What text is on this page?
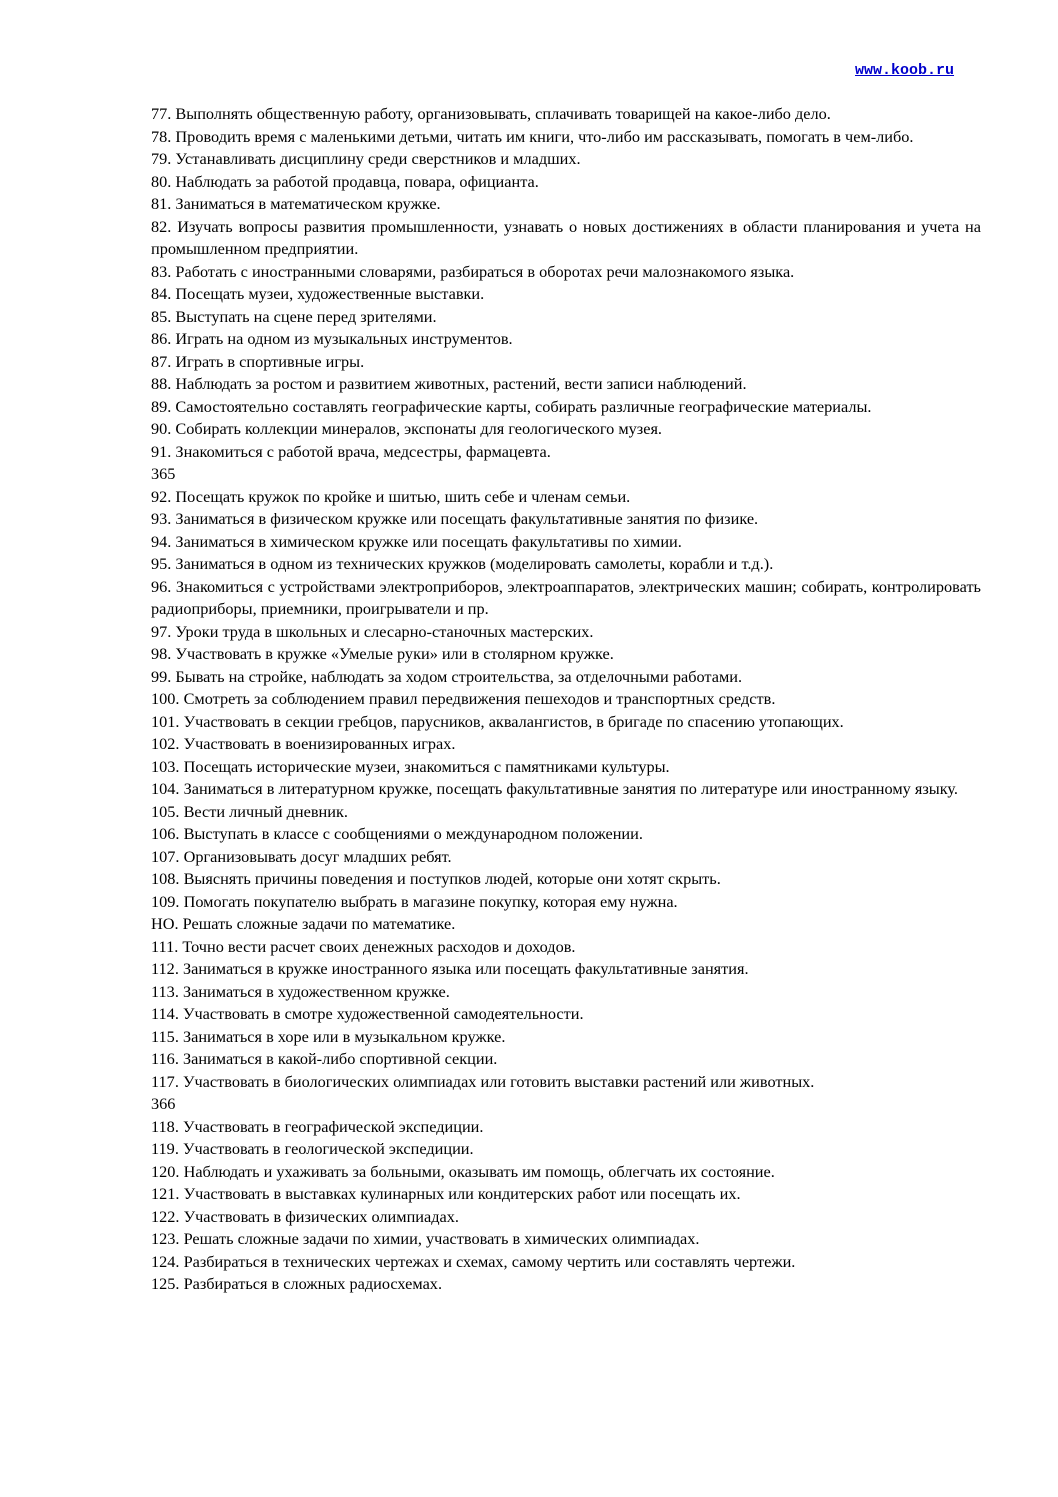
www.koob.ru

77. Выполнять общественную работу, организовывать, сплачивать товарищей на какое-либо дело.

78. Проводить время с маленькими детьми, читать им книги, что-либо им рассказывать, помогать в чем-либо.

79. Устанавливать дисциплину среди сверстников и младших.

80. Наблюдать за работой продавца, повара, официанта.

81. Заниматься в математическом кружке.

82. Изучать вопросы развития промышленности, узнавать о новых достижениях в области планирования и учета на промышленном предприятии.

83. Работать с иностранными словарями, разбираться в оборотах речи малознакомого языка.

84. Посещать музеи, художественные выставки.

85. Выступать на сцене перед зрителями.

86. Играть на одном из музыкальных инструментов.

87. Играть в спортивные игры.

88. Наблюдать за ростом и развитием животных, растений, вести записи наблюдений.

89. Самостоятельно составлять географические карты, собирать различные географические материалы.

90. Собирать коллекции минералов, экспонаты для геологического музея.

91. Знакомиться с работой врача, медсестры, фармацевта.

365

92. Посещать кружок по кройке и шитью, шить себе и членам семьи.

93. Заниматься в физическом кружке или посещать факультативные занятия по физике.

94. Заниматься в химическом кружке или посещать факультативы по химии.

95. Заниматься в одном из технических кружков (моделировать самолеты, корабли и т.д.).

96. Знакомиться с устройствами электроприборов, электроаппаратов, электрических машин; собирать, контролировать радиоприборы, приемники, проигрыватели и пр.

97. Уроки труда в школьных и слесарно-станочных мастерских.

98. Участвовать в кружке «Умелые руки» или в столярном кружке.

99. Бывать на стройке, наблюдать за ходом строительства, за отделочными работами.

100. Смотреть за соблюдением правил передвижения пешеходов и транспортных средств.

101. Участвовать в секции гребцов, парусников, аквалангистов, в бригаде по спасению утопающих.

102. Участвовать в военизированных играх.

103. Посещать исторические музеи, знакомиться с памятниками культуры.

104. Заниматься в литературном кружке, посещать факультативные занятия по литературе или иностранному языку.

105. Вести личный дневник.

106. Выступать в классе с сообщениями о международном положении.

107. Организовывать досуг младших ребят.

108. Выяснять причины поведения и поступков людей, которые они хотят скрыть.

109. Помогать покупателю выбрать в магазине покупку, которая ему нужна.

НО. Решать сложные задачи по математике.

111. Точно вести расчет своих денежных расходов и доходов.

112. Заниматься в кружке иностранного языка или посещать факультативные занятия.

113. Заниматься в художественном кружке.

114. Участвовать в смотре художественной самодеятельности.

115. Заниматься в хоре или в музыкальном кружке.

116. Заниматься в какой-либо спортивной секции.

117. Участвовать в биологических олимпиадах или готовить выставки растений или животных.

366

118. Участвовать в географической экспедиции.

119. Участвовать в геологической экспедиции.

120. Наблюдать и ухаживать за больными, оказывать им помощь, облегчать их состояние.

121. Участвовать в выставках кулинарных или кондитерских работ или посещать их.

122. Участвовать в физических олимпиадах.

123. Решать сложные задачи по химии, участвовать в химических олимпиадах.

124. Разбираться в технических чертежах и схемах, самому чертить или составлять чертежи.

125. Разбираться в сложных радиосхемах.
